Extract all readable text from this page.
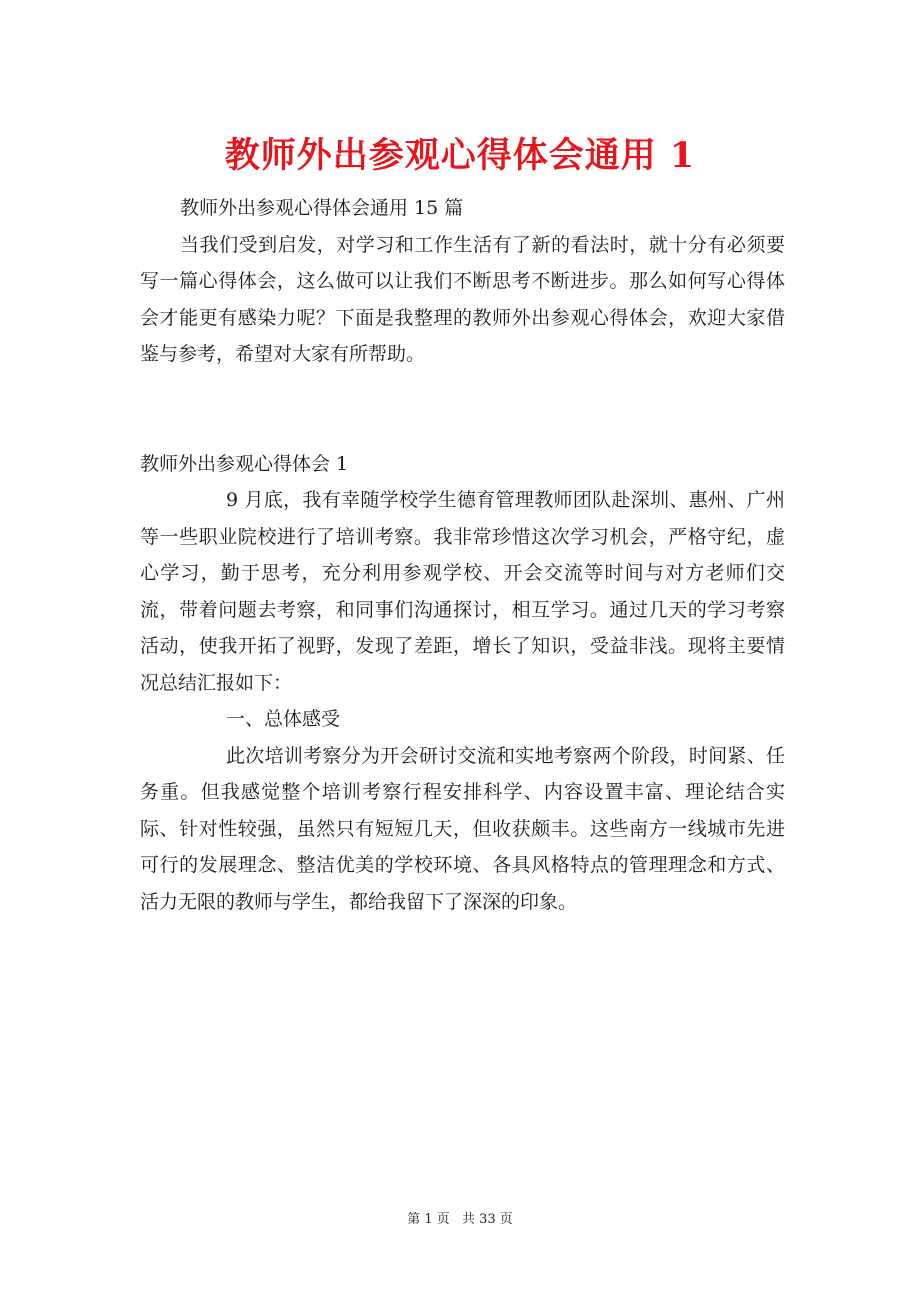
教师外出参观心得体会通用 1

教师外出参观心得体会通用 15 篇

当我们受到启发，对学习和工作生活有了新的看法时，就十分有必须要写一篇心得体会，这么做可以让我们不断思考不断进步。那么如何写心得体会才能更有感染力呢？下面是我整理的教师外出参观心得体会，欢迎大家借鉴与参考，希望对大家有所帮助。

教师外出参观心得体会 1

9 月底，我有幸随学校学生德育管理教师团队赴深圳、惠州、广州等一些职业院校进行了培训考察。我非常珍惜这次学习机会，严格守纪，虚心学习，勤于思考，充分利用参观学校、开会交流等时间与对方老师们交流，带着问题去考察，和同事们沟通探讨，相互学习。通过几天的学习考察活动，使我开拓了视野，发现了差距，增长了知识，受益非浅。现将主要情况总结汇报如下：

一、总体感受

此次培训考察分为开会研讨交流和实地考察两个阶段，时间紧、任务重。但我感觉整个培训考察行程安排科学、内容设置丰富、理论结合实际、针对性较强，虽然只有短短几天，但收获颇丰。这些南方一线城市先进可行的发展理念、整洁优美的学校环境、各具风格特点的管理理念和方式、活力无限的教师与学生，都给我留下了深深的印象。

第 1 页 共 33 页
